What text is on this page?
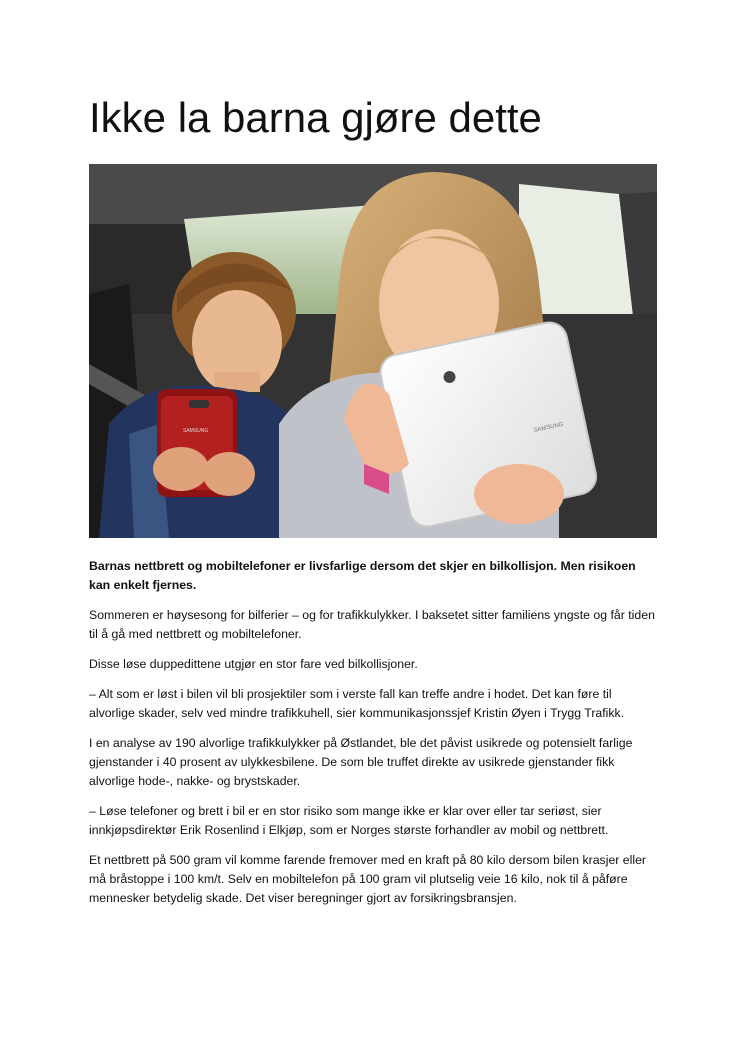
Ikke la barna gjøre dette
SAMSUNG
SAMSUNG

Barnas nettbrett og mobiltelefoner er livsfarlige dersom det skjer en bilkollisjon. Men risikoen kan enkelt fjernes.

Sommeren er høysesong for bilferier – og for trafikkulykker. I baksetet sitter familiens yngste og får tiden til å gå med nettbrett og mobiltelefoner.

Disse løse duppedittene utgjør en stor fare ved bilkollisjoner.

– Alt som er løst i bilen vil bli prosjektiler som i verste fall kan treffe andre i hodet. Det kan føre til alvorlige skader, selv ved mindre trafikkuhell, sier kommunikasjonssjef Kristin Øyen i Trygg Trafikk.

I en analyse av 190 alvorlige trafikkulykker på Østlandet, ble det påvist usikrede og potensielt farlige gjenstander i 40 prosent av ulykkesbilene. De som ble truffet direkte av usikrede gjenstander fikk alvorlige hode-, nakke- og brystskader.

– Løse telefoner og brett i bil er en stor risiko som mange ikke er klar over eller tar seriøst, sier innkjøpsdirektør Erik Rosenlind i Elkjøp, som er Norges største forhandler av mobil og nettbrett.

Et nettbrett på 500 gram vil komme farende fremover med en kraft på 80 kilo dersom bilen krasjer eller må bråstoppe i 100 km/t. Selv en mobiltelefon på 100 gram vil plutselig veie 16 kilo, nok til å påføre mennesker betydelig skade. Det viser beregninger gjort av forsikringsbransjen.
